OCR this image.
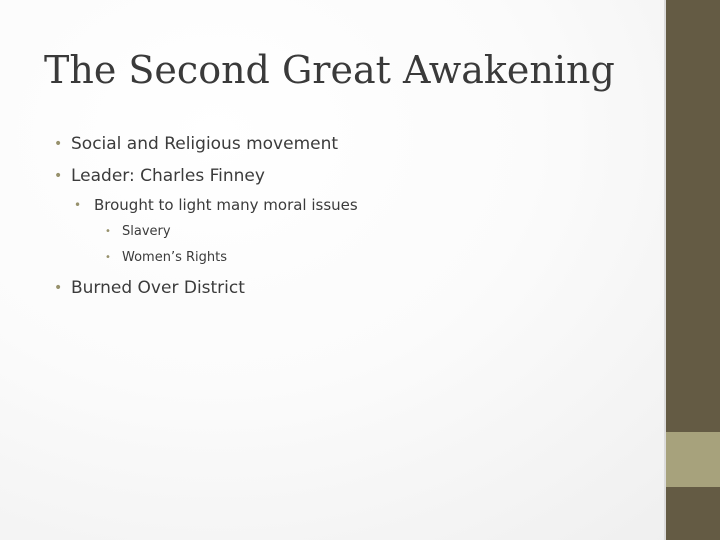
The Second Great Awakening
• Social and Religious movement
• Leader: Charles Finney
• Brought to light many moral issues
• Slavery
• Women’s Rights
• Burned Over District
